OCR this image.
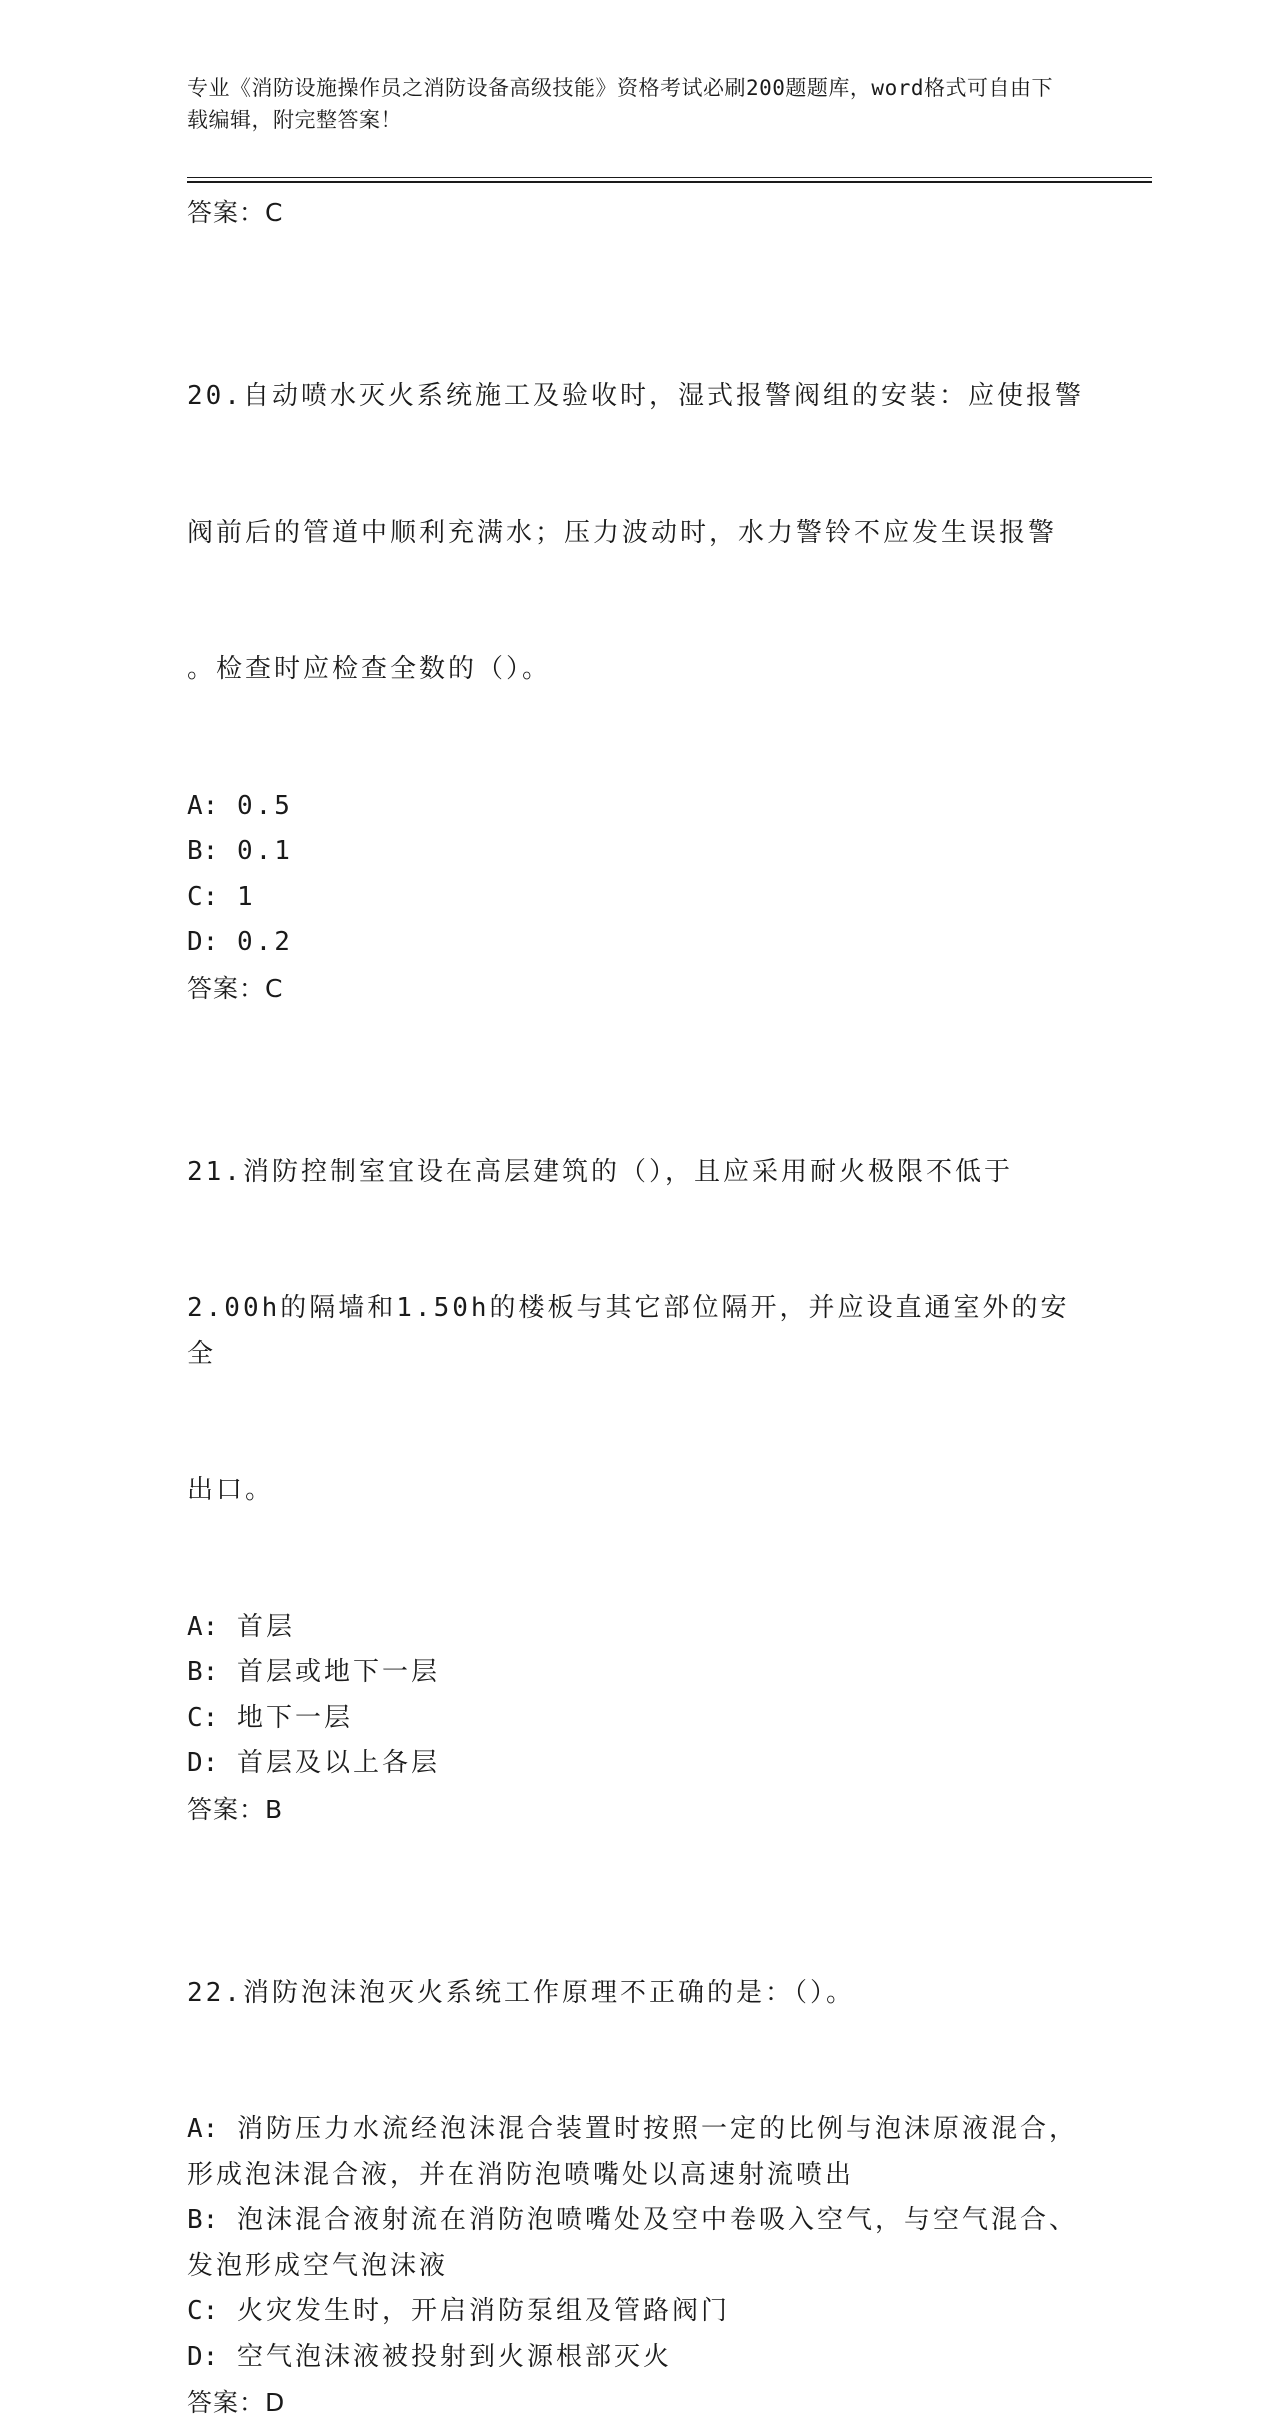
专业《消防设施操作员之消防设备高级技能》资格考试必刷200题题库，word格式可自由下载编辑，附完整答案！
答案：C

20.自动喷水灭火系统施工及验收时，湿式报警阀组的安装：应使报警

阀前后的管道中顺利充满水；压力波动时，水力警铃不应发生误报警

。检查时应检查全数的（）。

A: 0.5
B: 0.1
C: 1
D: 0.2
答案：C

21.消防控制室宜设在高层建筑的（），且应采用耐火极限不低于

2.00h的隔墙和1.50h的楼板与其它部位隔开，并应设直通室外的安全

出口。

A: 首层
B: 首层或地下一层
C: 地下一层
D: 首层及以上各层
答案：B

22.消防泡沫泡灭火系统工作原理不正确的是：（）。

A: 消防压力水流经泡沫混合装置时按照一定的比例与泡沫原液混合，
形成泡沫混合液，并在消防泡喷嘴处以高速射流喷出
B: 泡沫混合液射流在消防泡喷嘴处及空中卷吸入空气，与空气混合、
发泡形成空气泡沫液
C: 火灾发生时，开启消防泵组及管路阀门
D: 空气泡沫液被投射到火源根部灭火
答案：D
